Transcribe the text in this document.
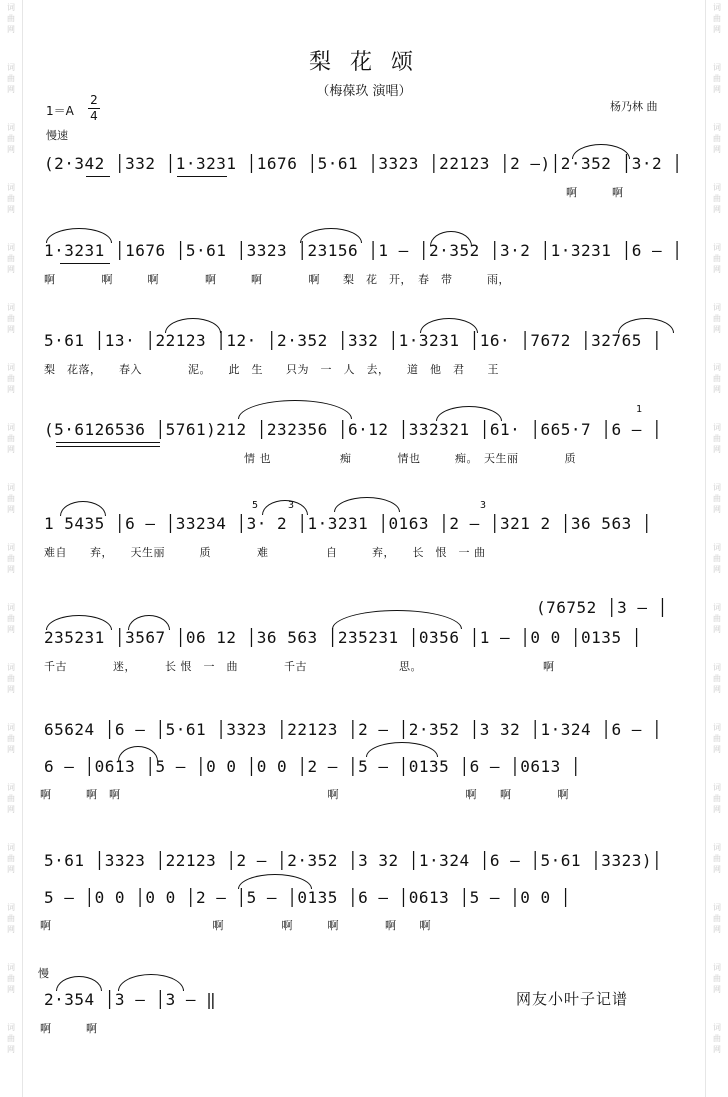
词
曲
网
词
曲
网
词
曲
网
词
曲
网
词
曲
网
词
曲
网
词
曲
网
词
曲
网
词
曲
网
词
曲
网
词
曲
网
词
曲
网
词
曲
网
词
曲
网
词
曲
网
词
曲
网
词
曲
网
词
曲
网
词
曲
网
词
曲
网
词
曲
网
词
曲
网
词
曲
网
词
曲
网
词
曲
网
词
曲
网
词
曲
网
词
曲
网
词
曲
网
词
曲
网
词
曲
网
词
曲
网
词
曲
网
词
曲
网
词
曲
网
词
曲
网
梨 花 颂
（梅葆玖 演唱）
1＝A
2
4
慢速
杨乃林 曲
(2·342 │332 │1·3231 │1676 │5·61 │3323 │22123 │2 –)│2·352 │3·2 │
啊　　　啊
1·3231 │1676 │5·61 │3323 │23156 │1 – │2·352 │3·2 │1·3231 │6 – │
啊　　　　啊　　　啊　　　　啊　　　啊　　　　啊　　梨　花　开，　春　带　　　雨，
5·61 │13· │22123 │12· │2·352 │332 │1·3231 │16· │7672 │32765 │
梨　花落，　　春入　　　　泥。　　此　生　　只为　一　人　去，　　道　他　君　　王
(5·6126536 │5761)212 │232356 │6·12 │332321 │61· │665·7 │6 – │
情 也　　　　　　痴　　　　情也　　　痴。　天生丽　　　　质
1
1 5435 │6 – │33234 │3· 2 │1·3231 │0163 │2 – │321 2 │36 563 │
难自　　弃，　　天生丽　　　质　　　　难　　　　　自　　　弃，　　长　恨　一 曲
5	3	3
(76752 │3 – │
235231 │3567 │06 12 │36 563 │235231 │0356 │1 – │0 0 │0135 │
千古　　　　迷，　　　长 恨　一　曲　　　　千古　　　　　　　　思。　　　　　　　　　　　啊
65624 │6 – │5·61 │3323 │22123 │2 – │2·352 │3 32 │1·324 │6 – │
6 – │0613 │5 – │0 0 │0 0 │2 – │5 – │0135 │6 – │0613 │
啊　　　啊　啊　　　　　　　　　　　　　　　　　　啊　　　　　　　　　　　啊　　啊　　　　啊
5·61 │3323 │22123 │2 – │2·352 │3 32 │1·324 │6 – │5·61 │3323)│
5 – │0 0 │0 0 │2 – │5 – │0135 │6 – │0613 │5 – │0 0 │
啊　　　　　　　　　　　　　　啊　　　　　啊　　　啊　　　　啊　　啊
慢
2·354 │3 – │3 – ‖
啊　　　啊
网友小叶子记谱
